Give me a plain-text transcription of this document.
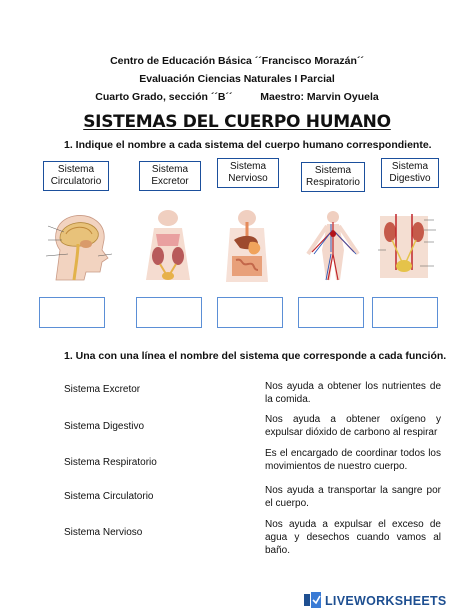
Centro de Educación Básica ´´Francisco Morazán´´
Evaluación Ciencias Naturales I Parcial
Cuarto Grado, sección ´´B´´	Maestro: Marvin Oyuela
SISTEMAS DEL CUERPO HUMANO
1. Indique el nombre a cada sistema del cuerpo humano correspondiente.
Sistema
Circulatorio
Sistema
Excretor
Sistema
Nervioso
Sistema
Respiratorio
Sistema
Digestivo
1. Una con una línea el nombre del sistema que corresponde a cada función.
Sistema Excretor
Sistema Digestivo
Sistema Respiratorio
Sistema Circulatorio
Sistema Nervioso
Nos ayuda a obtener los nutrientes de la comida.
Nos ayuda a obtener oxígeno y expulsar dióxido de carbono al respirar
Es el encargado de coordinar todos los movimientos de nuestro cuerpo.
Nos ayuda a transportar la sangre por el cuerpo.
Nos ayuda a expulsar el exceso de agua y desechos cuando vamos al baño.
LIVEWORKSHEETS
